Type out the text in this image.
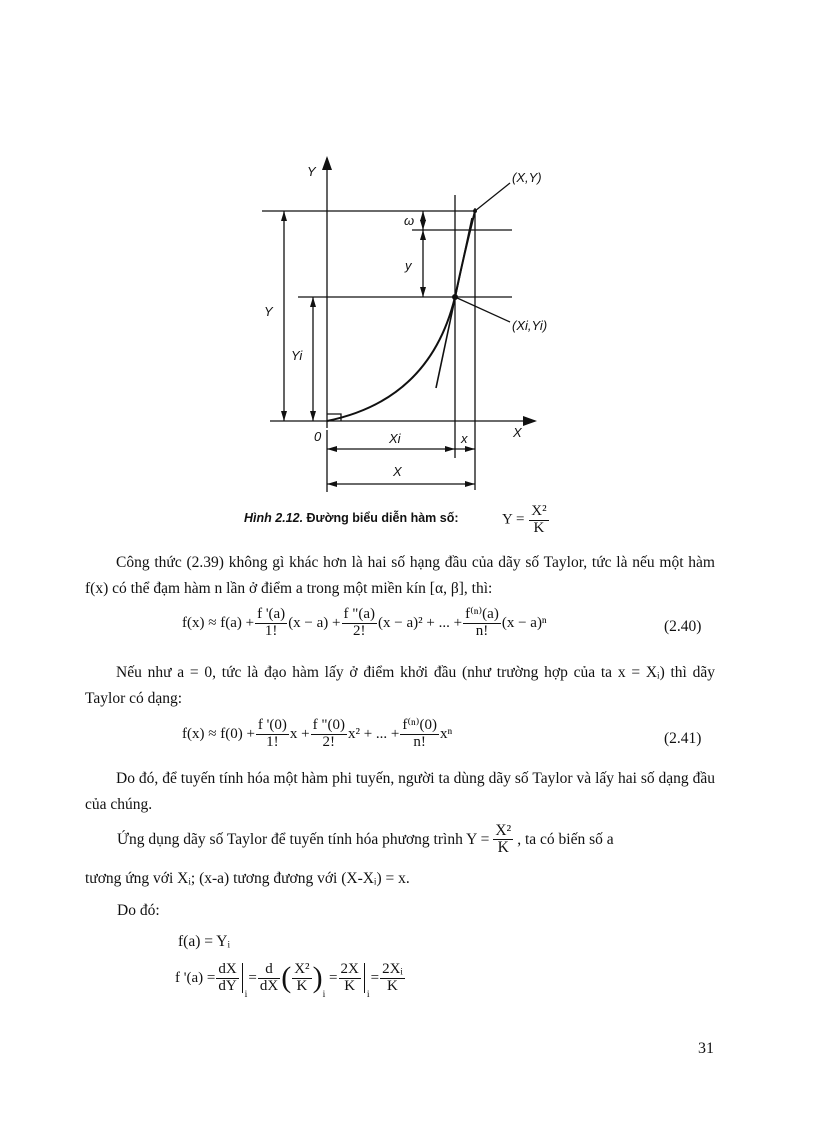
Y
X
0
(X,Y)
(Xi,Yi)
ω
y
Y
Yi
Xi	x
X
Hình 2.12. Đường biểu diễn hàm số:	$Y = \frac{\text{X²}}{K}$
Công thức (2.39) không gì khác hơn là hai số hạng đầu của dãy số Taylor, tức là nếu một hàm f(x) có thể đạm hàm n lần ở điểm a trong một miền kín [α, β], thì:
$f(x) \approx f(a) + \frac{f '(a)}{1!} (x - a) + \frac{f "(a)}{2!} (x - a)^2$ + ... + $\frac{\text{f⁽ⁿ⁾(a)}}{n!} (x - a)^n$	(2.40)
Nếu như a = 0, tức là đạo hàm lấy ở điểm khởi đầu (như trường hợp của ta x = Xᵢ) thì dãy Taylor có dạng:
$f(x) \approx f(0) + \frac{f '(0)}{1!}$ $x + \frac{f "(0)}{2!} x^2$ + ... + $\frac{\text{f⁽ⁿ⁾(0)}}{n!}$ xⁿ	(2.41)
Do đó, để tuyến tính hóa một hàm phi tuyến, người ta dùng dãy số Taylor và lấy hai số dạng đầu của chúng.
Ứng dụng dãy số Taylor để tuyến tính hóa phương trình $Y = \frac{\text{X²}}{K}$ , ta có biến số a
tương ứng với Xᵢ; (x-a) tương đương với (X-Xᵢ) = x.
Do đó:
f(a) = Yᵢ
f '$(a) = \frac{dX}{dY}$
i
= $\frac{d}{dX}$ ( $\frac{\text{X²}}{K}$ ) i
= $\frac{2X}{K}$
i
= $\frac{\text{2Xᵢ}}{K}$
31
